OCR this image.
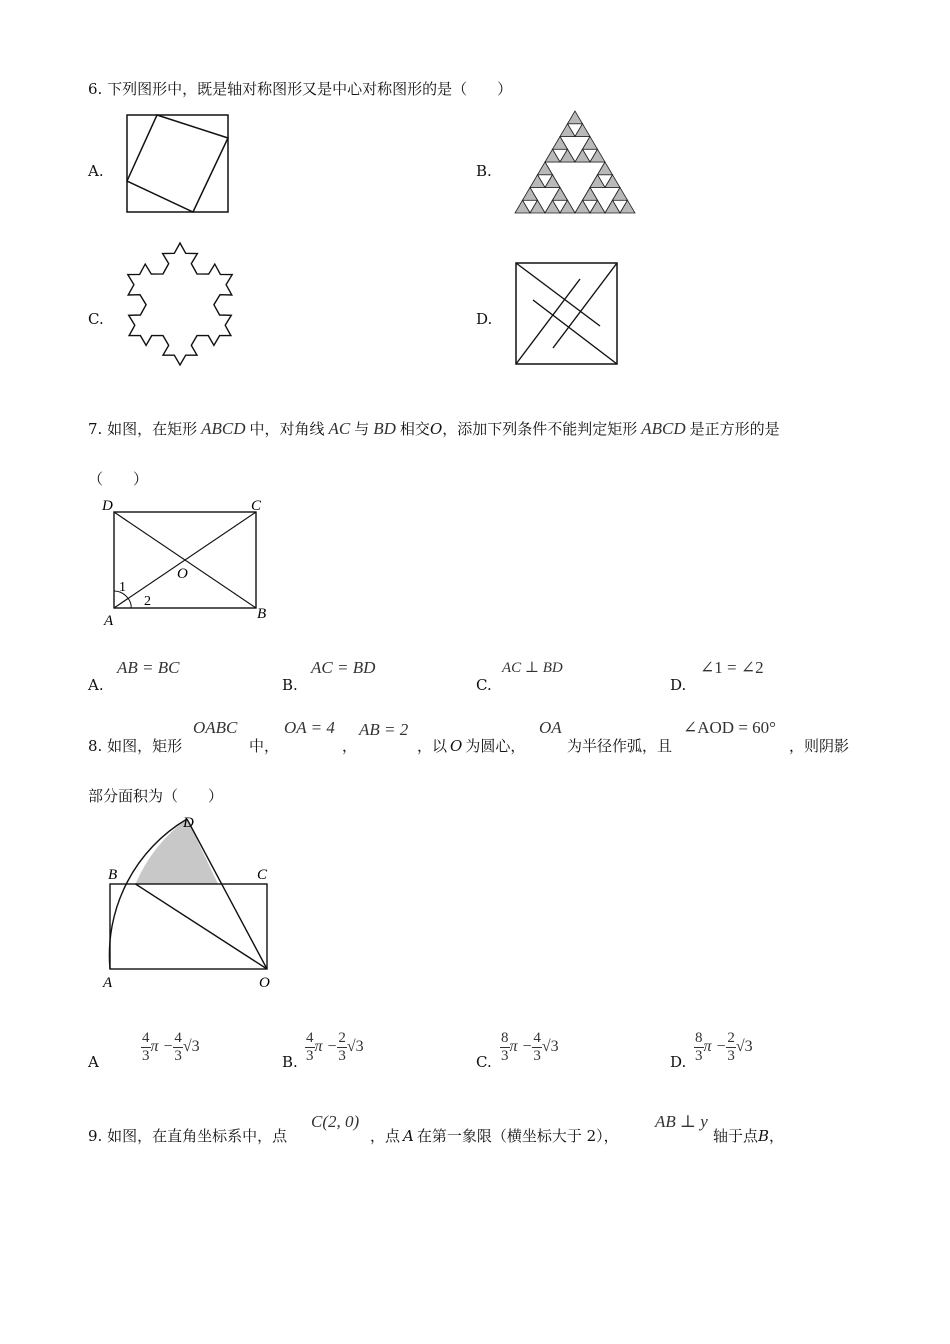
6. 下列图形中，既是轴对称图形又是中心对称图形的是（　　）
A.	B.
C.	D.
7. 如图，在矩形 ABCD 中，对角线 AC 与 BD 相交O，添加下列条件不能判定矩形 ABCD 是正方形的是
（　　）
D	C
O
A	B
1
2
A.
AB = BC
B.
AC = BD
C.
AC ⊥ BD
D.
∠1 = ∠2
8. 如图，矩形
OABC
中，
OA = 4
，
AB = 2
，以 O 为圆心，
OA
为半径作弧，且
∠AOD = 60°
，则阴影
部分面积为（　　）
D
B	C
A	O
A	$\frac{4}{3}$ $\pi - \frac{4}{3} √3$
B. $\frac{4}{3}$ $\pi - \frac{2}{3} √3$
C. $\frac{8}{3}$ $\pi - \frac{4}{3} √3$
D. $\frac{8}{3}$ $\pi - \frac{2}{3} √3$
9. 如图，在直角坐标系中，点
C(2, 0)
，点 A 在第一象限（横坐标大于 2），
AB ⊥ y
轴于点B，
